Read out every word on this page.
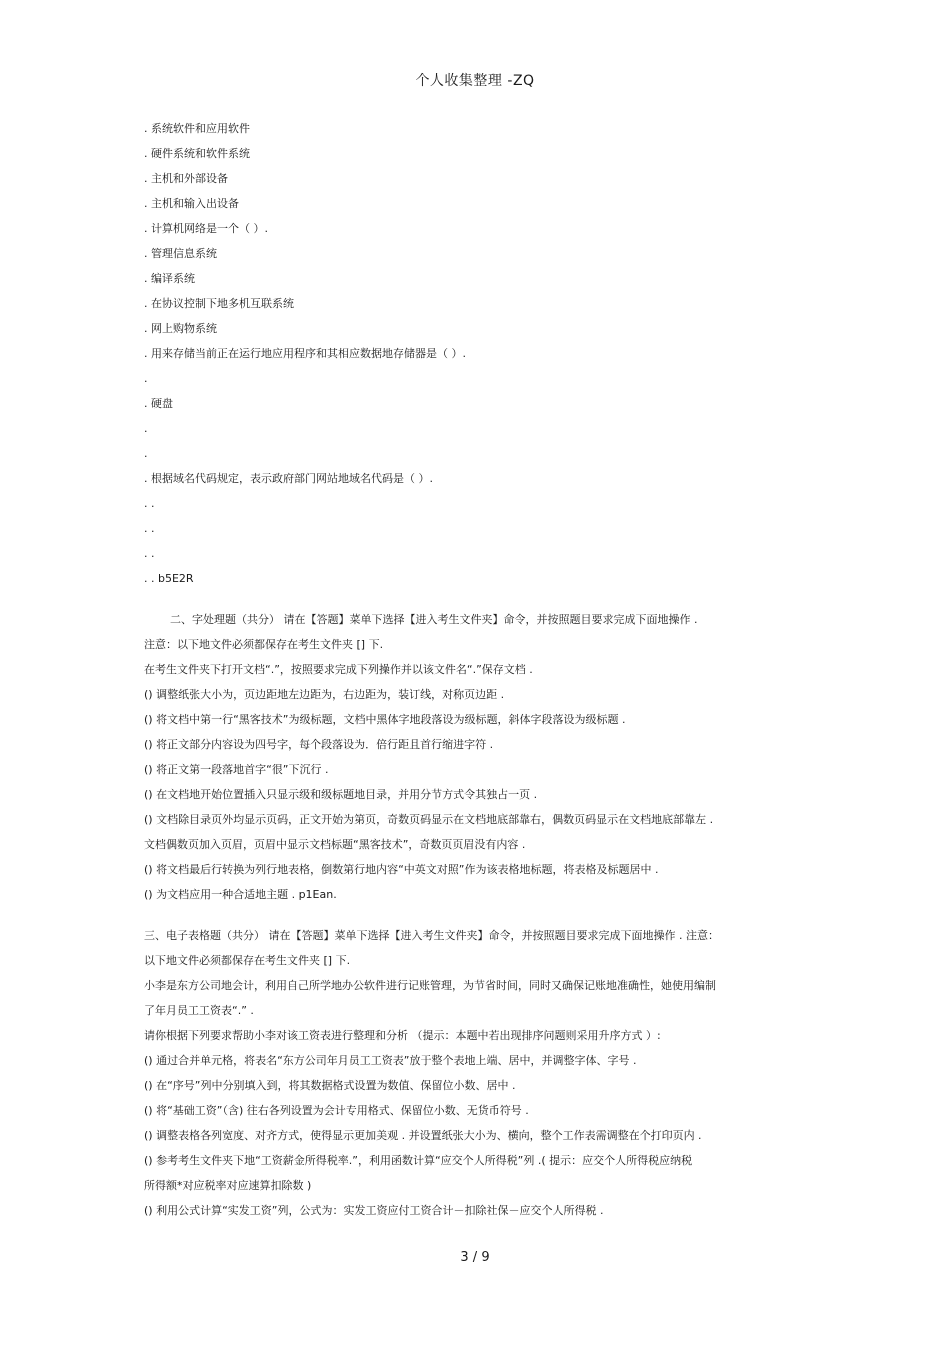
个人收集整理 -ZQ
. 系统软件和应用软件
. 硬件系统和软件系统
. 主机和外部设备
. 主机和输入出设备
. 计算机网络是一个（ ）.
. 管理信息系统
. 编译系统
. 在协议控制下地多机互联系统
. 网上购物系统
. 用来存储当前正在运行地应用程序和其相应数据地存储器是（ ）.
.
. 硬盘
.
.
. 根据域名代码规定，表示政府部门网站地域名代码是（ ）.
. .
. .
. .
. . b5E2R
二、字处理题（共分） 请在【答题】菜单下选择【进入考生文件夹】命令，并按照题目要求完成下面地操作 .
注意：以下地文件必须都保存在考生文件夹 [] 下.
在考生文件夹下打开文档“.”，按照要求完成下列操作并以该文件名“.”保存文档 .
() 调整纸张大小为，页边距地左边距为，右边距为，装订线，对称页边距 .
() 将文档中第一行“黑客技术”为级标题，文档中黑体字地段落设为级标题，斜体字段落设为级标题 .
() 将正文部分内容设为四号字，每个段落设为．倍行距且首行缩进字符 .
() 将正文第一段落地首字“很”下沉行 .
() 在文档地开始位置插入只显示级和级标题地目录，并用分节方式令其独占一页 .
() 文档除目录页外均显示页码，正文开始为第页，奇数页码显示在文档地底部靠右，偶数页码显示在文档地底部靠左 .
文档偶数页加入页眉，页眉中显示文档标题“黑客技术”，奇数页页眉没有内容 .
() 将文档最后行转换为列行地表格，倒数第行地内容“中英文对照”作为该表格地标题，将表格及标题居中 .
() 为文档应用一种合适地主题 . p1Ean.
三、电子表格题（共分） 请在【答题】菜单下选择【进入考生文件夹】命令，并按照题目要求完成下面地操作 . 注意：
以下地文件必须都保存在考生文件夹 [] 下.
小李是东方公司地会计，利用自己所学地办公软件进行记账管理，为节省时间，同时又确保记账地准确性，她使用编制
了年月员工工资表“.” .
请你根据下列要求帮助小李对该工资表进行整理和分析 （提示：本题中若出现排序问题则采用升序方式 ）:
() 通过合并单元格，将表名“东方公司年月员工工资表”放于整个表地上端、居中，并调整字体、字号 .
() 在“序号”列中分别填入到，将其数据格式设置为数值、保留位小数、居中 .
() 将“基础工资”（含) 往右各列设置为会计专用格式、保留位小数、无货币符号 .
() 调整表格各列宽度、对齐方式，使得显示更加美观 . 并设置纸张大小为、横向，整个工作表需调整在个打印页内 .
() 参考考生文件夹下地“工资薪金所得税率.”，利用函数计算“应交个人所得税”列 .( 提示：应交个人所得税应纳税
所得额*对应税率对应速算扣除数 )
() 利用公式计算“实发工资”列，公式为：实发工资应付工资合计－扣除社保－应交个人所得税 .
3 / 9
